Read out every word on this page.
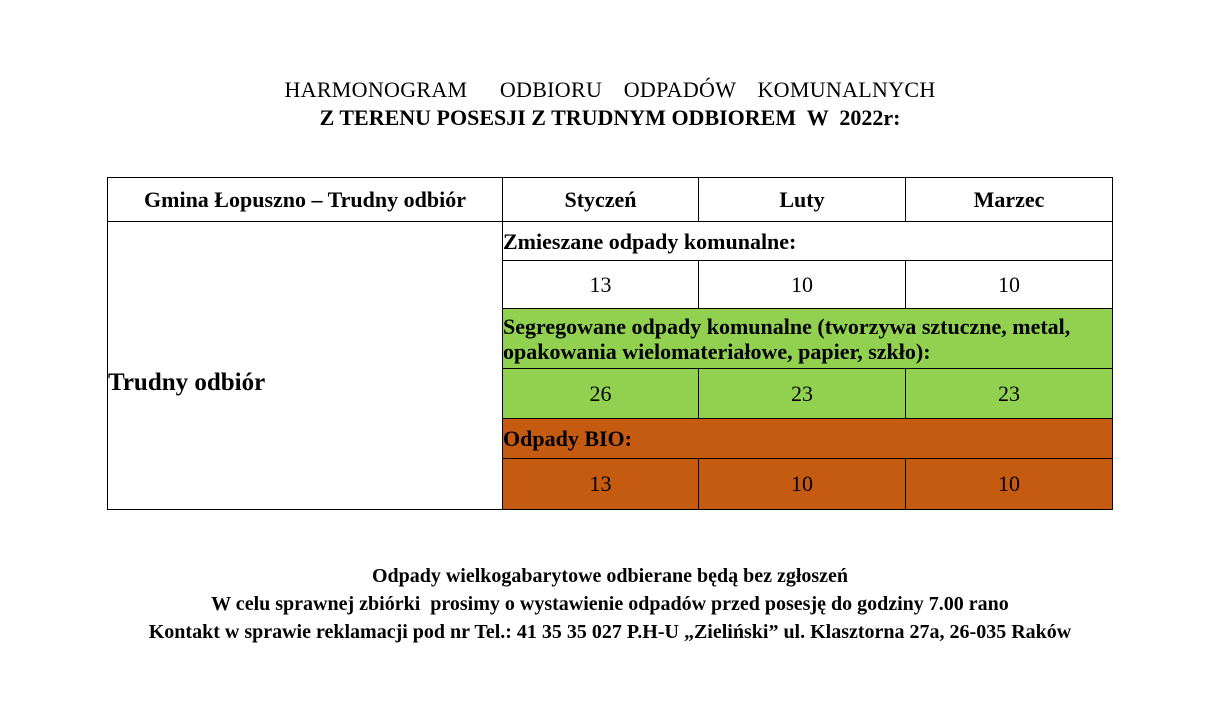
HARMONOGRAM   ODBIORU  ODPADÓW  KOMUNALNYCH
Z TERENU POSESJI Z TRUDNYM ODBIOREM  W  2022r:
Gmina Łopuszno – Trudny odbiór	Styczeń	Luty	Marzec

Trudny odbiór	Zmieszane odpady komunalne:		
	13	10	10
	Segregowane odpady komunalne (tworzywa sztuczne, metal, opakowania wielomateriałowe, papier, szkło):		
	26	23	23
	Odpady BIO:		
	13	10	10
Odpady wielkogabarytowe odbierane będą bez zgłoszeń
W celu sprawnej zbiórki  prosimy o wystawienie odpadów przed posesję do godziny 7.00 rano
Kontakt w sprawie reklamacji pod nr Tel.: 41 35 35 027 P.H-U „Zieliński” ul. Klasztorna 27a, 26-035 Raków
